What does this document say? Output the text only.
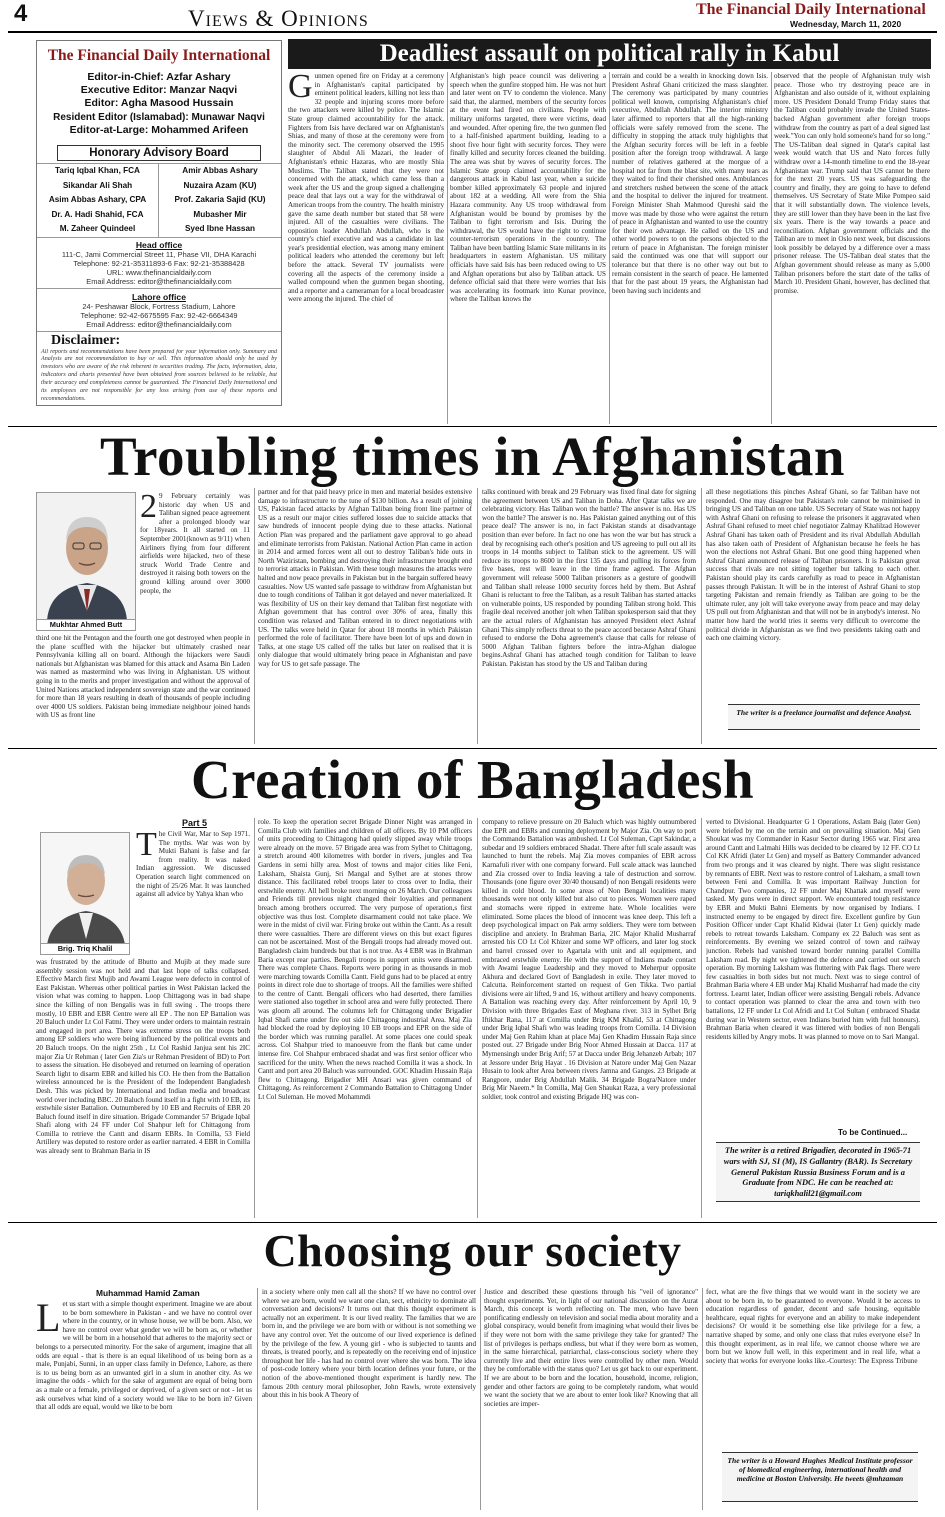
4	Views & Opinions	The Financial Daily International
Wednesday, March 11, 2020
The Financial Daily International
Editor-in-Chief: Azfar Ashary
Executive Editor: Manzar Naqvi
Editor: Agha Masood Hussain
Resident Editor (Islamabad): Munawar Naqvi
Editor-at-Large: Mohammed Arifeen
Honorary Advisory Board
Tariq Iqbal Khan, FCA
Sikandar Ali Shah
Asim Abbas Ashary, CPA
Dr. A. Hadi Shahid, FCA
M. Zaheer Quindeel
Amir Abbas Ashary
Nuzaira Azam (KU)
Prof. Zakaria Sajid (KU)
Mubasher Mir
Syed Ibne Hassan
Head office
111-C, Jami Commercial Street 11, Phase VII, DHA Karachi
Telephone: 92-21-35311893-6 Fax: 92-21-35388428
URL: www.thefinancialdaily.com
Email Address: editor@thefinancialdaily.com
Lahore office
24- Peshawar Block, Fortress Stadium, Lahore
Telephone: 92-42-6675595 Fax: 92-42-6664349
Email Address: editor@thefinancialdaily.com
Disclaimer:
All reports and recommendations have been prepared for your information only. Summary and Analysis are not recommendation to buy or sell. This information should only be used by investors who are aware of the risk inherent in securities trading. The facts, information, data, indicators and charts presented have been obtained from sources believed to be reliable, but their accuracy and completeness cannot be guaranteed. The Financial Daily International and its employees are not responsible for any loss arising from use of these reports and recommendations.
Deadliest assault on political rally in Kabul
Gunmen opened fire on Friday at a ceremony in Afghanistan's capital participated by eminent political leaders, killing not less than 32 people and injuring scores more before the two attackers were killed by police. The Islamic State group claimed accountability for the attack. Fighters from Isis have declared war on Afghanistan's Shias, and many of those at the ceremony were from the minority sect. The ceremony observed the 1995 slaughter of Abdul Ali Mazari, the leader of Afghanistan's ethnic Hazaras, who are mostly Shia Muslims. The Taliban stated that they were not concerned with the attack, which came less than a week after the US and the group signed a challenging peace deal that lays out a way for the withdrawal of American troops from the country. The health ministry gave the same death number but stated that 58 were injured. All of the casualties were civilians. The opposition leader Abdullah Abdullah, who is the country's chief executive and was a candidate in last year's presidential election, was among many eminent political leaders who attended the ceremony but left before the attack. Several TV journalists were covering all the aspects of the ceremony inside a walled compound when the gunmen began shooting, and a reporter and a cameraman for a local broadcaster were among the injured. The chief of
Afghanistan's high peace council was delivering a speech when the gunfire stopped him. He was not hurt and later went on TV to condemn the violence. Many said that, the alarmed, members of the security forces at the event had fired on civilians. People with military uniforms targeted, there were victims, dead and wounded. After opening fire, the two gunmen fled to a half-finished apartment building, leading to a shoot five hour fight with security forces. They were finally killed and security forces cleaned the building. The area was shut by waves of security forces. The Islamic State group claimed accountability for the dangerous attack in Kabul last year, when a suicide bomber killed approximately 63 people and injured about 182 at a wedding. All were from the Shia Hazara community. Any US troop withdrawal from Afghanistan would be bound by promises by the Taliban to fight terrorism and Isis. During the withdrawal, the US would have the right to continue counter-terrorism operations in the country. The Taliban have been battling Islamic State militants in its headquarters in eastern Afghanistan. US military officials have said Isis has been reduced owing to US and Afghan operations but also by Taliban attack. US defence official said that there were worries that Isis was accelerating its footmark into Kunar province, where the Taliban knows the
terrain and could be a wealth in knocking down Isis. President Ashraf Ghani criticized the mass slaughter. The ceremony was participated by many countries political well known, comprising Afghanistan's chief executive, Abdullah Abdullah. The interior ministry later affirmed to reporters that all the high-ranking officials were safely removed from the scene. The difficulty in stopping the attack truly highlights that the Afghan security forces will be left in a feeble position after the foreign troop withdrawal. A large number of relatives gathered at the morgue of a hospital not far from the blast site, with many tears as they waited to find their cherished ones. Ambulances and stretchers rushed between the scene of the attack and the hospital to deliver the injured for treatment. Foreign Minister Shah Mahmood Qureshi said the move was made by those who were against the return of peace in Afghanistan and wanted to use the country for their own advantage. He called on the US and other world powers to on the persons objected to the return of peace in Afghanistan. The foreign minister said the continued was one that will support our tolerance but that there is no other way out but to remain consistent in the search of peace. He lamented that for the past about 19 years, the Afghanistan had been having such incidents and
observed that the people of Afghanistan truly wish peace. Those who try destroying peace are in Afghanistan and also outside of it, without explaining more. US President Donald Trump Friday states that the Taliban could probably invade the United States-backed Afghan government after foreign troops withdraw from the country as part of a deal signed last week."You can only hold someone's hand for so long." The US-Taliban deal signed in Qatar's capital last week would watch that US and Nato forces fully withdraw over a 14-month timeline to end the 18-year Afghanistan war. Trump said that US cannot be there for the next 20 years. US was safeguarding the country and finally, they are going to have to defend themselves. US Secretary of State Mike Pompeo said that it will substantially down. The violence levels, they are still lower than they have been in the last five six years. There is the way towards a peace and reconciliation. Afghan government officials and the Taliban are to meet in Oslo next week, but discussions look possibly be delayed by a difference over a mass prisoner release. The US-Taliban deal states that the Afghan government should release as many as 5,000 Taliban prisoners before the start date of the talks of March 10. President Ghani, however, has declined that promise.
Troubling times in Afghanistan
Mukhtar Ahmed Butt
2 9 February certainly was historic day when US and Taliban signed peace agreement after a prolonged bloody war for 18years. It all started on 11 September 2001(known as 9/11) when Airliners flying from four different airfields were hijacked, two of these struck World Trade Centre and destroyed it raising both towers on the ground killing around over 3000 people, the
third one hit the Pentagon and the fourth one got destroyed when people in the plane scuffled with the hijacker but ultimately crashed near Pennsylvania killing all on board. Although the hijackers were Saudi nationals but Afghanistan was blamed for this attack and Asama Bin Laden was named as mastermind who was living in Afghanistan. US without going in to the merits and proper investigation and without the approval of United Nations attacked independent sovereign state and the war continued for more than 18 years resulting in death of thousands of people including over 4000 US soldiers. Pakistan being immediate neighbour joined hands with US as front line
partner and for that paid heavy price in men and material besides extensive damage to infrastructure to the tune of $130 billion. As a result of joining US, Pakistan faced attacks by Afghan Taliban being front line partner of US as a result our major cities suffered losses due to suicide attacks that saw hundreds of innocent people dying due to these attacks. National Action Plan was prepared and the parliament gave approval to go ahead and eliminate terrorists from Pakistan. National Action Plan came in action in 2014 and armed forces went all out to destroy Taliban's hide outs in North Waziristan, bombing and destroying their infrastructure brought end to terrorist attacks in Pakistan. With these tough measures the attacks were halted and now peace prevails in Pakistan but in the bargain suffered heavy casualties. Now US wanted safe passage to withdraw from Afghanistan but due to tough conditions of Taliban it got delayed and never materialized. It was flexibility of US on their key demand that Taliban first negotiate with Afghan government that has control over 30% of area, finally this condition was relaxed and Taliban entered in to direct negotiations with US. The talks were held in Qatar for about 18 months in which Pakistan performed the role of facilitator. There have been lot of ups and down in Talks, at one stage US called off the talks but later on realised that it is only dialogue that would ultimately bring peace in Afghanistan and pave way for US to get safe passage. The
talks continued with break and 29 February was fixed final date for signing the agreement between US and Taliban in Doha. After Qatar talks we are celebrating victory. Has Taliban won the battle? The answer is no. Has US won the battle? The answer is no. Has Pakistan gained anything out of this peace deal? The answer is no, in fact Pakistan stands at disadvantage position than ever before. In fact no one has won the war but has struck a deal by recognising each other's position and US agreeing to pull out all its troops in 14 months subject to Taliban stick to the agreement. US will reduce its troops to 8600 in the first 135 days and pulling its forces from five bases, rest will leave in the time frame agreed. The Afghan government will release 5000 Taliban prisoners as a gesture of goodwill and Taliban shall release 1000 security forces held by them. But Ashraf Ghani is reluctant to free the Taliban, as a result Taliban has started attacks on vulnerable points, US responded by pounding Taliban strong hold. This fragile deal received another jolt when Taliban spokesperson said that they are the actual rulers of Afghanistan has annoyed President elect Ashraf Ghani This simply reflects threat to the peace accord because Ashraf Ghani refused to endorse the Doha agreement's clause that calls for release of 5000 Afghan Taliban fighters before the intra-Afghan dialogue begins.Ashraf Ghani has attached tough condition for Taliban to leave Pakistan. Pakistan has stood by the US and Taliban during
all these negotiations this pinches Ashraf Ghani, so far Taliban have not responded. One may disagree but Pakistan's role cannot be minimised in bringing US and Taliban on one table. US Secretary of State was not happy with Ashraf Ghani on refusing to release the prisoners it aggravated when Ashraf Ghani refused to meet chief negotiator Zalmay Khalilzad However Ashraf Ghani has taken oath of President and its rival Abdullah Abdullah has also taken oath of President of Afghanistan because he feels he has won the elections not Ashraf Ghani. But one good thing happened when Ashraf Ghani announced release of Taliban prisoners. It is Pakistan great success that rivals are not sitting together but talking to each other. Pakistan should play its cards carefully as road to peace in Afghanistan passes through Pakistan. It will be in the interest of Ashraf Ghani to stop targeting Pakistan and remain friendly as Taliban are going to be the ultimate ruler, any jolt will take everyone away from peace and may delay US pull out from Afghanistan and that will not be in anybody's interest. No matter how hard the world tries it seems very difficult to overcome the political divide in Afghanistan as we find two presidents taking oath and each one claiming victory.
The writer is a freelance journalist and defence Analyst.
Creation of Bangladesh
Part 5
Brig. Triq Khalil
The Civil War, Mar to Sep 1971. The myths. War was won by Mukti Bahani is false and far from reality. It was naked Indian aggression. We discussed Operation search light commenced on the night of 25/26 Mar. It was launched against all advice by Yahya khan who
was frustrated by the attitude of Bhutto and Mujib at they made sure assembly session was not held and that last hope of talks collapsed. Effective March first Mujib and Awami League were defecto in control of East Pakistan. Whereas other political parties in West Pakistan lacked the vision what was coming to happen. Loop Chittagong was in bad shape since the killing of non Bengalis was in full swing . The troops there mostly, 10 EBR and EBR Centre were all EP . The non EP Battalion was 20 Baluch under Lt Col Fatmi. They were under orders to maintain restrain and engaged in port area. There was extreme stress on the troops both among EP soldiers who were being influenced by the political events and 20 Baluch troops. On the night 25th , Lt Col Rashid Janjua sent his 2IC major Zia Ur Rehman ( later Gen Zia's ur Rehman President of BD) to Port to assess the situation. He disobeyed and returned on learning of operation Search light to disarm EBR and killed his CO. He then from the Battalion wireless announced he is the President of the Independent Bangladesh Desh. This was picked by International and Indian media and broadcast world over including BBC. 20 Baluch found itself in a fight with 10 EB, its erstwhile sister Battalion. Outnumbered by 10 EB and Recruits of EBR 20 Baluch found itself in dire situation. Brigade Commander 57 Brigade Iqbal Shafi along with 24 FF under Col Shahpur left for Chittagong from Comilla to retrieve the Cantt and disarm EBRs. In Comilla, 53 Field Artillery was deputed to restore order as earlier narrated. 4 EBR in Comilla was already sent to Brahman Baria in IS
role. To keep the operation secret Brigade Dinner Night was arranged in Comilla Club with families and children of all officers. By 10 PM officers of units proceeding to Chittagong had quietly slipped away while troops were already on the move. 57 Brigade area was from Sylhet to Chittagong, a stretch around 400 kilometres with border in rivers, jungles and Tea Gardens in semi hilly area. Most of towns and major cities like Feni, Laksham, Shaista Gunj, Sri Mangal and Sylhet are at stones throw distance. This facilitated rebel troops later to cross over to India, their erstwhile enemy. All hell broke next morning on 26 March. Our colleagues and Friends till previous night changed their loyalties and permanent breach among brothers occurred. The very purpose of operation,s first objective was thus lost. Complete disarmament could not take place. We were in the midst of civil war. Firing broke out within the Cantt. As a result there were casualties. There are different views on this but exact figures can not be ascertained. Most of the Bengali troops had already moved out. Bangladesh claim hundreds but that is not true. As 4 EBR was in Brahman Baria except rear parties. Bengali troops in support units were disarmed. There was complete Chaos. Reports were poring in as thousands in mob were marching towards Comilla Cantt. Field guns had to be placed at entry points in direct role due to shortage of troops. All the families were shifted to the centre of Cantt. Bengali officers who had deserted, there families were stationed also together in school area and were fully protected. There was gloom all around. The columns left for Chittagong under Brigadier Iqbal Shafi came under fire out side Chittagong industrial Area. Maj Zia had blocked the road by deploying 10 EB troops and EPR on the side of the border which was running parallel. At some places one could speak across. Col Shahpur tried to manoeuvre from the flank but came under intense fire. Col Shahpur embraced shadat and was first senior officer who sacrificed for the unity. When the news reached Comilla it was a shock. In Cantt and port area 20 Baluch was surrounded. GOC Khadim Hussain Raja flew to Chittagong. Brigadier MH Ansari was given command of Chittagong. As reinforcement 2 Commando Battalion to Chittagong Under Lt Col Suleman. He moved Mohammdi
company to relieve pressure on 20 Baluch which was highly outnumbered due EPR and EBRs and cunning deployment by Major Zia. On way to port the Commando Battalion was ambushed. Lt Col Suleman, Capt Sakindar, a subedar and 19 soldiers embraced Shadat. There after full scale assault was launched to hunt the rebels. Maj Zia moves companies of EBR across Karnafuli river with one company forward. Full scale attack was launched and Zia crossed over to India leaving a tale of destruction and sorrow. Thousands (one figure over 30/40 thousand) of non Bengali residents were killed in cold blood. In some areas of Non Bengali localities many thousands were not only killed but also cut to pieces. Women were raped and stomachs were ripped in extreme hate. Whole localities were eliminated. Some places the blood of innocent was knee deep. This left a deep psychological impact on Pak army soldiers. They were torn between discipline and anxiety. In Brahman Baria, 2IC Major Khalid Musharraf arrested his CO Lt Col Khizer and some WP officers, and later log stock and barrel crossed over to Agartala with unit and all equipment, and embraced erstwhile enemy. He with the support of Indians made contact with Awami league Leadership and they moved to Meherpur opposite Akhura and declared Govt of Bangladesh in exile. They later moved to Calcutta. Reinforcement started on request of Gen Tikka. Two partial divisions were air lifted, 9 and 16, without artillery and heavy components. A Battalion was reaching every day. After reinforcement by April 10, 9 Division with three Brigades East of Meghana river. 313 in Sylhet Brig Iftikhar Rana, 117 at Comilla under Brig KM Khalid, 53 at Chittagong under Brig Iqbal Shafi who was leading troops from Comilla. 14 Division under Maj Gen Rahim khan at place Maj Gen Khadim Hussain Raja since posted out. 27 Brigade under Brig Noor Ahmed Hussain at Dacca. 117 at Mymensingh under Brig Arif; 57 at Dacca under Brig Jehanzeb Arbab; 107 at Jessore under Brig Hayat . 16 Division at Natore under Maj Gen Nazar Husain to look after Area between rivers Jamna and Ganges. 23 Brigade at Rangpore, under Brig Abdullah Malik. 34 Brigade Bogra/Natore under Brig Mir Naeem.* In Comilla, Maj Gen Shaukat Raza, a very professional soldier, took control and existing Brigade HQ was con-
verted to Divisional. Headquarter G 1 Operations, Aslam Baig (later Gen) were briefed by me on the terrain and on prevailing situation. Maj Gen Shoukat was my Commander in Kasur Sector during 1965 war. First area around Cantt and Lalmahi Hills was decided to be cleared by 12 FF. CO Lt Col KK Afridi (later Lt Gen) and myself as Battery Commander advanced from two prongs and it was cleared by night. There was slight resistance by remnants of EBR. Next was to restore control of Laksham, a small town between Feni and Comilla. It was important Railway Junction for Chandpur. Two companies, 12 FF under Maj Khattak and myself were tasked. My guns were in direct support. We encountered tough resistance by EBR and Mukti Bahni Elements by now organised by Indians. I instructed enemy to be engaged by direct fire. Excellent gunfire by Gun Position Officer under Capt Khalid Kidwai (later Lt Gen) quickly made rebels to retreat towards Laksham. Company ex 22 Baluch was sent as reinforcements. By evening we seized control of town and railway junction. Rebels had vanished toward border running parallel Comilla Laksham road. By night we tightened the defence and carried out search operation. By morning Laksham was fluttering with Pak flags. There were few casualties in both sides but not much. Next was to siege control of Brahman Baria where 4 EB under Maj Khalid Musharraf had made the city fortress. Learnt later, Indian officer were assisting Bengali rebels. Advance to contact operation was planned to clear the area and town with two battalions, 12 FF under Lt Col Afridi and Lt Col Sultan ( embraced Shadat during war in Western sector, even Indians buried him with full honours). Brahman Baria when cleared it was littered with bodies of non Bengali residents killed by Angry mobs. It was planned to move on to Sari Mangal.
To be Continued...
The writer is a retired Brigadier, decorated in 1965-71 wars with SJ, SI (M), IS Gallantry (BAR). Is Secretary General Pakistan Russia Business Forum and is a Graduate from NDC. He can be reached at: tariqkhalil21@gmail.com
Choosing our society
Muhammad Hamid Zaman
Let us start with a simple thought experiment. Imagine we are about to be born somewhere in Pakistan - and we have no control over where in the country, or in whose house, we will be born. Also, we have no control over what gender we will be born as, or whether we will be born in a household that adheres to the majority sect or belongs to a persecuted minority. For the sake of argument, imagine that all odds are equal - that is there is an equal likelihood of us being born as a male, Punjabi, Sunni, in an upper class family in Defence, Lahore, as there is to us being born as an unwanted girl in a slum in another city. As we imagine the odds - which for the sake of argument are equal of being born as a male or a female, privileged or deprived, of a given sect or not - let us ask ourselves what kind of a society would we like to be born in? Given that all odds are equal, would we like to be born
in a society where only men call all the shots? If we have no control over where we are born, would we want one clan, sect, ethnicity to dominate all conversation and decisions? It turns out that this thought experiment is actually not an experiment. It is our lived reality. The families that we are born in, and the privilege we are born with or without is not something we have any control over. Yet the outcome of our lived experience is defined by the privilege of the few. A young girl - who is subjected to taunts and threats, is treated poorly, and is repeatedly on the receiving end of injustice throughout her life - has had no control over where she was born. The idea of post-code lottery where your birth location defines your future, or the notion of the above-mentioned thought experiment is hardly new. The famous 20th century moral philosopher, John Rawls, wrote extensively about this in his book A Theory of
Justice and described these questions through his "veil of ignorance" thought experiments. Yet, in light of our national discussion on the Aurat March, this concept is worth reflecting on. The men, who have been pontificating endlessly on television and social media about morality and a global conspiracy, would benefit from imagining what would their lives be if they were not born with the same privilege they take for granted? The list of privileges is perhaps endless, but what if they were born as women, in the same hierarchical, patriarchal, class-conscious society where they currently live and their entire lives were controlled by other men. Would they be comfortable with the status quo? Let us get back to our experiment. If we are about to be born and the location, household, income, religion, gender and other factors are going to be completely random, what would we want the society that we are about to enter look like? Knowing that all societies are imper-
fect, what are the five things that we would want in the society we are about to be born in, to be guaranteed to everyone. Would it be access to education regardless of gender, decent and safe housing, equitable healthcare, equal rights for everyone and an ability to make independent decisions? Or would it be something else like privilege for a few, a narrative shaped by some, and only one class that rules everyone else? In this thought experiment, as in real life, we cannot choose where we are born but we know full well, in this experiment and in real life, what a society that works for everyone looks like.-Courtesy: The Express Tribune
The writer is a Howard Hughes Medical Institute professor of biomedical engineering, international health and medicine at Boston University. He tweets @mhzaman
